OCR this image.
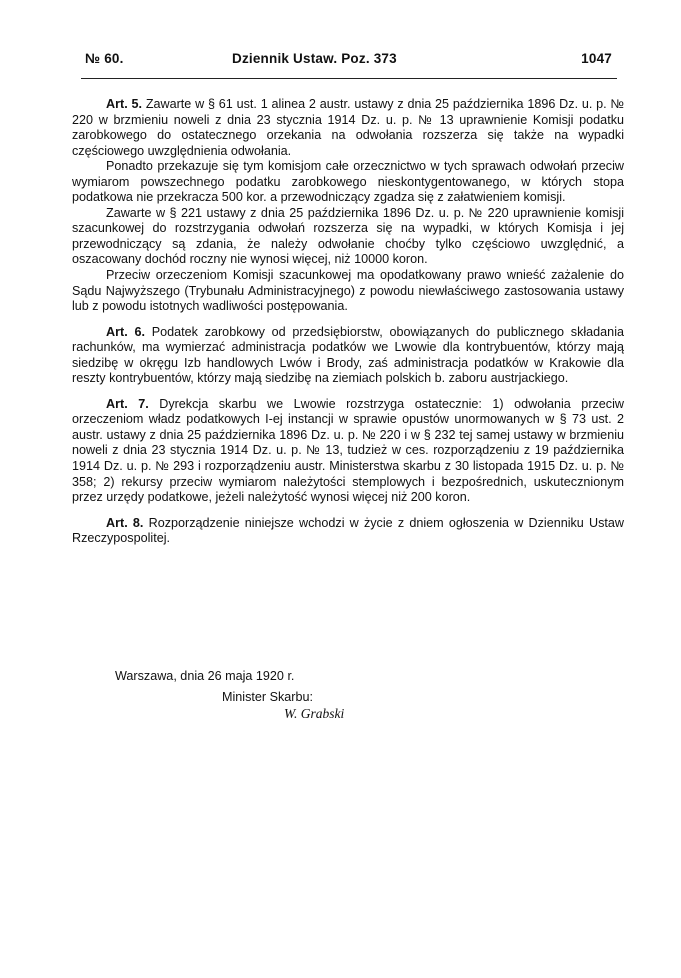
№ 60.	Dziennik Ustaw. Poz. 373	1047

Art. 5. Zawarte w § 61 ust. 1 alinea 2 austr. ustawy z dnia 25 października 1896 Dz. u. p. № 220 w brzmieniu noweli z dnia 23 stycznia 1914 Dz. u. p. № 13 uprawnienie Komisji podatku zarobkowego do ostatecznego orzekania na odwołania rozszerza się także na wypadki częściowego uwzględnienia odwołania.

Ponadto przekazuje się tym komisjom całe orzecznictwo w tych sprawach odwołań przeciw wymiarom powszechnego podatku zarobkowego nieskontygentowanego, w których stopa podatkowa nie przekracza 500 kor. a przewodniczący zgadza się z załatwieniem komisji.

Zawarte w § 221 ustawy z dnia 25 października 1896 Dz. u. p. № 220 uprawnienie komisji szacunkowej do rozstrzygania odwołań rozszerza się na wypadki, w których Komisja i jej przewodniczący są zdania, że należy odwołanie choćby tylko częściowo uwzględnić, a oszacowany dochód roczny nie wynosi więcej, niż 10000 koron.

Przeciw orzeczeniom Komisji szacunkowej ma opodatkowany prawo wnieść zażalenie do Sądu Najwyższego (Trybunału Administracyjnego) z powodu niewłaściwego zastosowania ustawy lub z powodu istotnych wadliwości postępowania.

Art. 6. Podatek zarobkowy od przedsiębiorstw, obowiązanych do publicznego składania rachunków, ma wymierzać administracja podatków we Lwowie dla kontrybuentów, którzy mają siedzibę w okręgu Izb handlowych Lwów i Brody, zaś administracja podatków w Krakowie dla reszty kontrybuentów, którzy mają siedzibę na ziemiach polskich b. zaboru austrjackiego.

Art. 7. Dyrekcja skarbu we Lwowie rozstrzyga ostatecznie: 1) odwołania przeciw orzeczeniom władz podatkowych I-ej instancji w sprawie opustów unormowanych w § 73 ust. 2 austr. ustawy z dnia 25 października 1896 Dz. u. p. № 220 i w § 232 tej samej ustawy w brzmieniu noweli z dnia 23 stycznia 1914 Dz. u. p. № 13, tudzież w ces. rozporządzeniu z 19 października 1914 Dz. u. p. № 293 i rozporządzeniu austr. Ministerstwa skarbu z 30 listopada 1915 Dz. u. p. № 358; 2) rekursy przeciw wymiarom należytości stemplowych i bezpośrednich, uskutecznionym przez urzędy podatkowe, jeżeli należytość wynosi więcej niż 200 koron.

Art. 8. Rozporządzenie niniejsze wchodzi w życie z dniem ogłoszenia w Dzienniku Ustaw Rzeczypospolitej.

Warszawa, dnia 26 maja 1920 r.
Minister Skarbu:
W. Grabski
